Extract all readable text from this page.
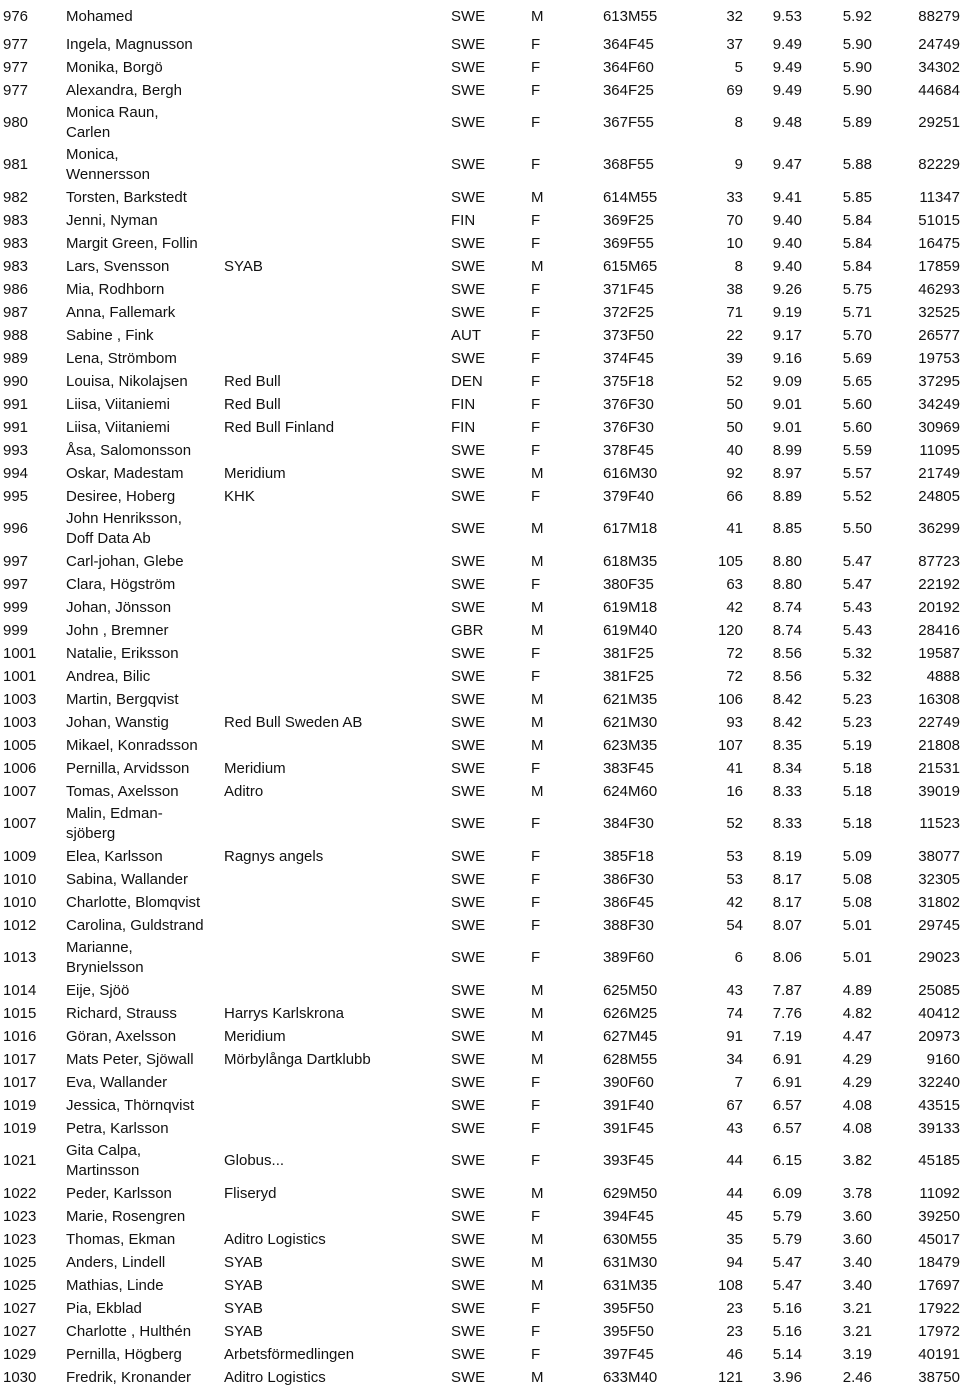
976	Mohamed		SWE	M	613	M55	32	9.53	5.92	88279
977	Ingela, Magnusson		SWE	F	364	F45	37	9.49	5.90	24749
977	Monika, Borgö		SWE	F	364	F60	5	9.49	5.90	34302
977	Alexandra, Bergh		SWE	F	364	F25	69	9.49	5.90	44684
980	Monica Raun, Carlen		SWE	F	367	F55	8	9.48	5.89	29251
981	Monica, Wennersson		SWE	F	368	F55	9	9.47	5.88	82229
982	Torsten, Barkstedt		SWE	M	614	M55	33	9.41	5.85	11347
983	Jenni, Nyman		FIN	F	369	F25	70	9.40	5.84	51015
983	Margit Green, Follin		SWE	F	369	F55	10	9.40	5.84	16475
983	Lars, Svensson	SYAB	SWE	M	615	M65	8	9.40	5.84	17859
986	Mia, Rodhborn		SWE	F	371	F45	38	9.26	5.75	46293
987	Anna, Fallemark		SWE	F	372	F25	71	9.19	5.71	32525
988	Sabine , Fink		AUT	F	373	F50	22	9.17	5.70	26577
989	Lena, Strömbom		SWE	F	374	F45	39	9.16	5.69	19753
990	Louisa, Nikolajsen	Red Bull	DEN	F	375	F18	52	9.09	5.65	37295
991	Liisa, Viitaniemi	Red Bull	FIN	F	376	F30	50	9.01	5.60	34249
991	Liisa, Viitaniemi	Red Bull Finland	FIN	F	376	F30	50	9.01	5.60	30969
993	Åsa, Salomonsson		SWE	F	378	F45	40	8.99	5.59	11095
994	Oskar, Madestam	Meridium	SWE	M	616	M30	92	8.97	5.57	21749
995	Desiree, Hoberg	KHK	SWE	F	379	F40	66	8.89	5.52	24805
996	John Henriksson, Doff Data Ab		SWE	M	617	M18	41	8.85	5.50	36299
997	Carl-johan, Glebe		SWE	M	618	M35	105	8.80	5.47	87723
997	Clara, Högström		SWE	F	380	F35	63	8.80	5.47	22192
999	Johan, Jönsson		SWE	M	619	M18	42	8.74	5.43	20192
999	John , Bremner		GBR	M	619	M40	120	8.74	5.43	28416
1001	Natalie, Eriksson		SWE	F	381	F25	72	8.56	5.32	19587
1001	Andrea, Bilic		SWE	F	381	F25	72	8.56	5.32	4888
1003	Martin, Bergqvist		SWE	M	621	M35	106	8.42	5.23	16308
1003	Johan, Wanstig	Red Bull Sweden AB	SWE	M	621	M30	93	8.42	5.23	22749
1005	Mikael, Konradsson		SWE	M	623	M35	107	8.35	5.19	21808
1006	Pernilla, Arvidsson	Meridium	SWE	F	383	F45	41	8.34	5.18	21531
1007	Tomas, Axelsson	Aditro	SWE	M	624	M60	16	8.33	5.18	39019
1007	Malin, Edman-sjöberg		SWE	F	384	F30	52	8.33	5.18	11523
1009	Elea, Karlsson	Ragnys angels	SWE	F	385	F18	53	8.19	5.09	38077
1010	Sabina, Wallander		SWE	F	386	F30	53	8.17	5.08	32305
1010	Charlotte, Blomqvist		SWE	F	386	F45	42	8.17	5.08	31802
1012	Carolina, Guldstrand		SWE	F	388	F30	54	8.07	5.01	29745
1013	Marianne, Brynielsson		SWE	F	389	F60	6	8.06	5.01	29023
1014	Eije, Sjöö		SWE	M	625	M50	43	7.87	4.89	25085
1015	Richard, Strauss	Harrys Karlskrona	SWE	M	626	M25	74	7.76	4.82	40412
1016	Göran, Axelsson	Meridium	SWE	M	627	M45	91	7.19	4.47	20973
1017	Mats Peter, Sjöwall	Mörbylånga Dartklubb	SWE	M	628	M55	34	6.91	4.29	9160
1017	Eva, Wallander		SWE	F	390	F60	7	6.91	4.29	32240
1019	Jessica, Thörnqvist		SWE	F	391	F40	67	6.57	4.08	43515
1019	Petra, Karlsson		SWE	F	391	F45	43	6.57	4.08	39133
1021	Gita Calpa, Martinsson	Globus...	SWE	F	393	F45	44	6.15	3.82	45185
1022	Peder, Karlsson	Fliseryd	SWE	M	629	M50	44	6.09	3.78	11092
1023	Marie, Rosengren		SWE	F	394	F45	45	5.79	3.60	39250
1023	Thomas, Ekman	Aditro Logistics	SWE	M	630	M55	35	5.79	3.60	45017
1025	Anders, Lindell	SYAB	SWE	M	631	M30	94	5.47	3.40	18479
1025	Mathias, Linde	SYAB	SWE	M	631	M35	108	5.47	3.40	17697
1027	Pia, Ekblad	SYAB	SWE	F	395	F50	23	5.16	3.21	17922
1027	Charlotte , Hulthén	SYAB	SWE	F	395	F50	23	5.16	3.21	17972
1029	Pernilla, Högberg	Arbetsförmedlingen	SWE	F	397	F45	46	5.14	3.19	40191
1030	Fredrik, Kronander	Aditro Logistics	SWE	M	633	M40	121	3.96	2.46	38750
